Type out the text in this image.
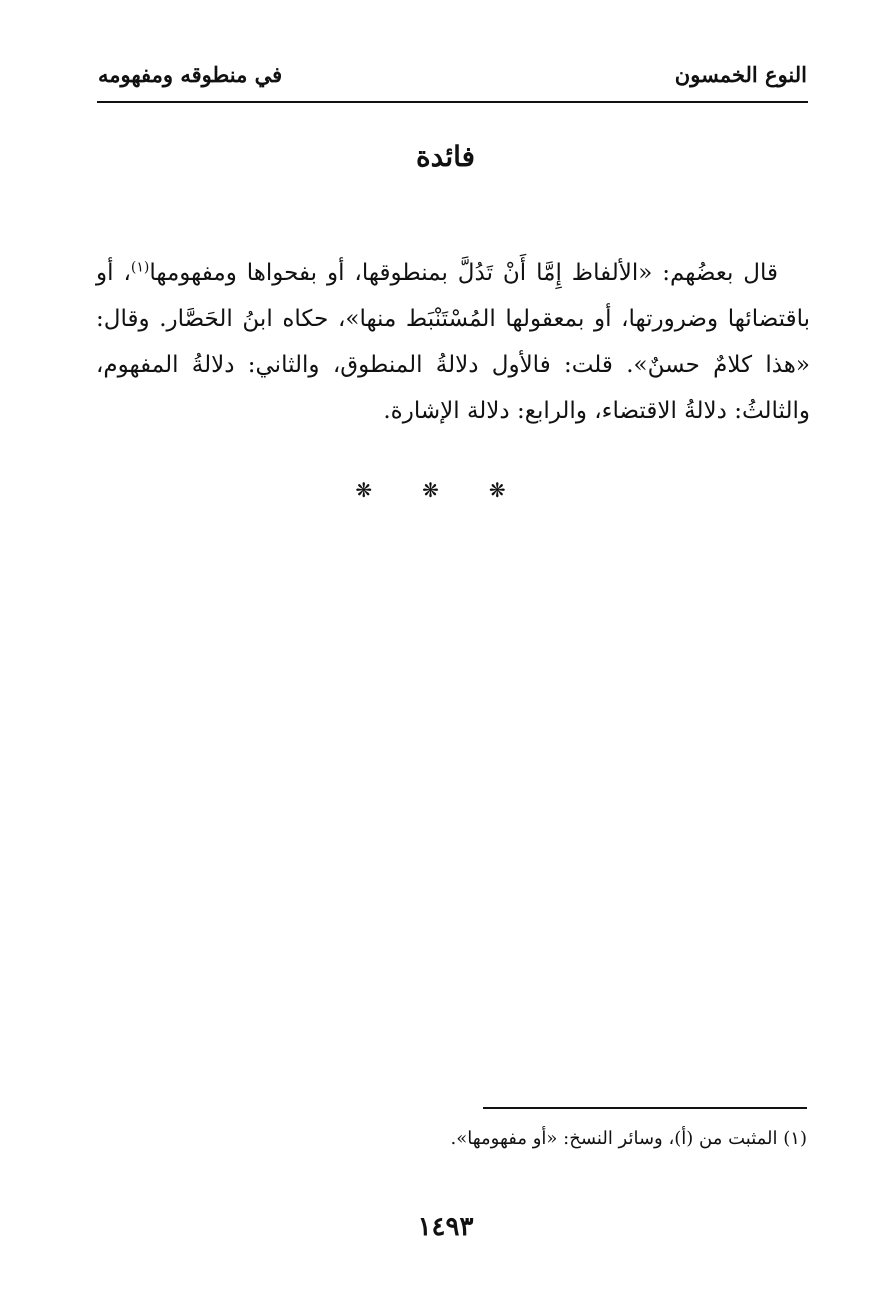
النوع الخمسون
في منطوقه ومفهومه
فائدة

قال بعضُهم: «الألفاظ إِمَّا أَنْ تَدُلَّ بمنطوقها، أو بفحواها ومفهومها$^{(١)}$، أو باقتضائها وضرورتها، أو بمعقولها المُسْتَنْبَط منها»، حكاه ابنُ الحَصَّار. وقال: «هذا كلامٌ حسنٌ». قلت: فالأول دلالةُ المنطوق، والثاني: دلالةُ المفهوم، والثالثُ: دلالةُ الاقتضاء، والرابع: دلالة الإشارة.

❋ ❋ ❋
(١) المثبت من (أ)، وسائر النسخ: «أو مفهومها».
١٤٩٣
